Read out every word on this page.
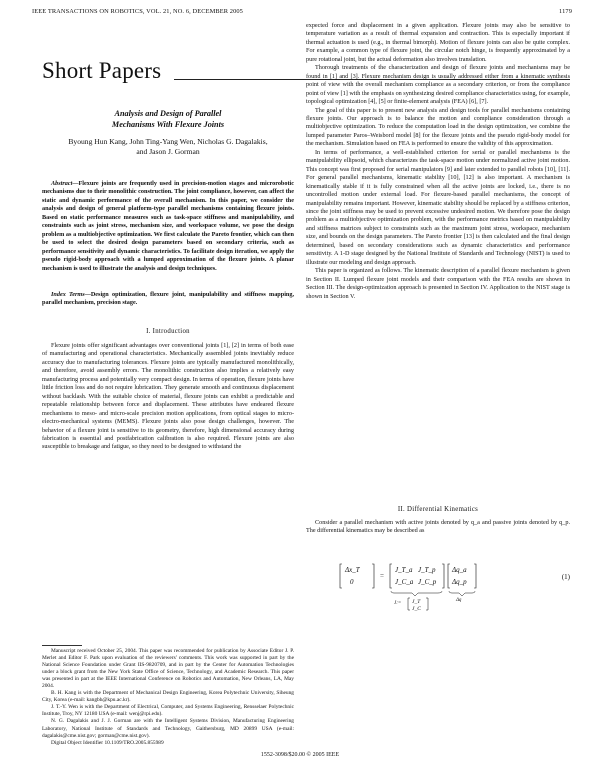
IEEE TRANSACTIONS ON ROBOTICS, VOL. 21, NO. 6, DECEMBER 2005	1179
Short Papers
Analysis and Design of Parallel
Mechanisms With Flexure Joints
Byoung Hun Kang, John Ting-Yang Wen, Nicholas G. Dagalakis,
and Jason J. Gorman

Abstract—Flexure joints are frequently used in precision-motion stages and microrobotic mechanisms due to their monolithic construction. The joint compliance, however, can affect the static and dynamic performance of the overall mechanism. In this paper, we consider the analysis and design of general platform-type parallel mechanisms containing flexure joints. Based on static performance measures such as task-space stiffness and manipulability, and constraints such as joint stress, mechanism size, and workspace volume, we pose the design problem as a multiobjective optimization. We first calculate the Pareto frontier, which can then be used to select the desired design parameters based on secondary criteria, such as performance sensitivity and dynamic characteristics. To facilitate design iteration, we apply the pseudo rigid-body approach with a lumped approximation of the flexure joints. A planar mechanism is used to illustrate the analysis and design techniques.

Index Terms—Design optimization, flexure joint, manipulability and stiffness mapping, parallel mechanism, precision stage.

I. Introduction

Flexure joints offer significant advantages over conventional joints [1], [2] in terms of both ease of manufacturing and operational characteristics. Mechanically assembled joints inevitably reduce accuracy due to manufacturing tolerances. Flexure joints are typically manufactured monolithically, and therefore, avoid assembly errors. The monolithic construction also implies a relatively easy manufacturing process and potentially very compact design. In terms of operation, flexure joints have little friction loss and do not require lubrication. They generate smooth and continuous displacement without backlash. With the suitable choice of material, flexure joints can exhibit a predictable and repeatable relationship between force and displacement. These attributes have endeared flexure mechanisms to meso- and micro-scale precision motion applications, from optical stages to micro-electro-mechanical systems (MEMS). Flexure joints also pose design challenges, however. The behavior of a flexure joint is sensitive to its geometry, therefore, high dimensional accuracy during fabrication is essential and postfabrication calibration is also required. Flexure joints are also susceptible to breakage and fatigue, so they need to be designed to withstand the

Manuscript received October 25, 2004. This paper was recommended for publication by Associate Editor J. P. Merlet and Editor F. Park upon evaluation of the reviewers' comments. This work was supported in part by the National Science Foundation under Grant IIS-9820709, and in part by the Center for Automation Technologies under a block grant from the New York State Office of Science, Technology, and Academic Research. This paper was presented in part at the IEEE International Conference on Robotics and Automation, New Orleans, LA, May 2004.

B. H. Kang is with the Department of Mechanical Design Engineering, Korea Polytechnic University, Siheung City, Korea (e-mail: kangbh@kpu.ac.kr).

J. T.-Y. Wen is with the Department of Electrical, Computer, and Systems Engineering, Rensselaer Polytechnic Institute, Troy, NY 12180 USA (e-mail: wenj@rpi.edu).

N. G. Dagalakis and J. J. Gorman are with the Intelligent Systems Division, Manufacturing Engineering Laboratory, National Institute of Standards and Technology, Gaithersburg, MD 20899 USA (e-mail: dagalakis@cme.nist.gov; gorman@cme.nist.gov).

Digital Object Identifier 10.1109/TRO.2005.855989

expected force and displacement in a given application. Flexure joints may also be sensitive to temperature variation as a result of thermal expansion and contraction. This is especially important if thermal actuation is used (e.g., in thermal bimorph). Motion of flexure joints can also be quite complex. For example, a common type of flexure joint, the circular notch hinge, is frequently approximated by a pure rotational joint, but the actual deformation also involves translation.

Thorough treatments of the characterization and design of flexure joints and mechanisms may be found in [1] and [3]. Flexure mechanism design is usually addressed either from a kinematic synthesis point of view with the overall mechanism compliance as a secondary criterion, or from the compliance point of view [1] with the emphasis on synthesizing desired compliance characteristics using, for example, topological optimization [4], [5] or finite-element analysis (FEA) [6], [7].

The goal of this paper is to present new analysis and design tools for parallel mechanisms containing flexure joints. Our approach is to balance the motion and compliance consideration through a multiobjective optimization. To reduce the computation load in the design optimization, we combine the lumped parameter Paros–Weisbord model [8] for the flexure joints and the pseudo rigid-body model for the mechanism. Simulation based on FEA is performed to ensure the validity of this approximation.

In terms of performance, a well-established criterion for serial or parallel mechanisms is the manipulability ellipsoid, which characterizes the task-space motion under normalized active joint motion. This concept was first proposed for serial manipulators [9] and later extended to parallel robots [10], [11]. For general parallel mechanisms, kinematic stability [10], [12] is also important. A mechanism is kinematically stable if it is fully constrained when all the active joints are locked, i.e., there is no uncontrolled motion under external load. For flexure-based parallel mechanisms, the concept of manipulability remains important. However, kinematic stability should be replaced by a stiffness criterion, since the joint stiffness may be used to prevent excessive undesired motion. We therefore pose the design problem as a multiobjective optimization problem, with the performance metrics based on manipulability and stiffness matrices subject to constraints such as the maximum joint stress, workspace, mechanism size, and bounds on the design parameters. The Pareto frontier [13] is then calculated and the final design determined, based on secondary considerations such as dynamic characteristics and performance sensitivity. A 1-D stage designed by the National Institute of Standards and Technology (NIST) is used to illustrate our modeling and design approach.

This paper is organized as follows. The kinematic description of a parallel flexure mechanism is given in Section II. Lumped flexure joint models and their comparison with the FEA results are shown in Section III. The design-optimization approach is presented in Section IV. Application to the NIST stage is shown in Section V.

II. Differential Kinematics

Consider a parallel mechanism with active joints denoted by q_a and passive joints denoted by q_p. The differential kinematics may be described as

Δx_T
0
=
J_T_a J_T_p
J_C_a J_C_p
Δq_a
Δq_p
J:= J_T
J_C
Δq
(1)
1552-3098/$20.00 © 2005 IEEE
